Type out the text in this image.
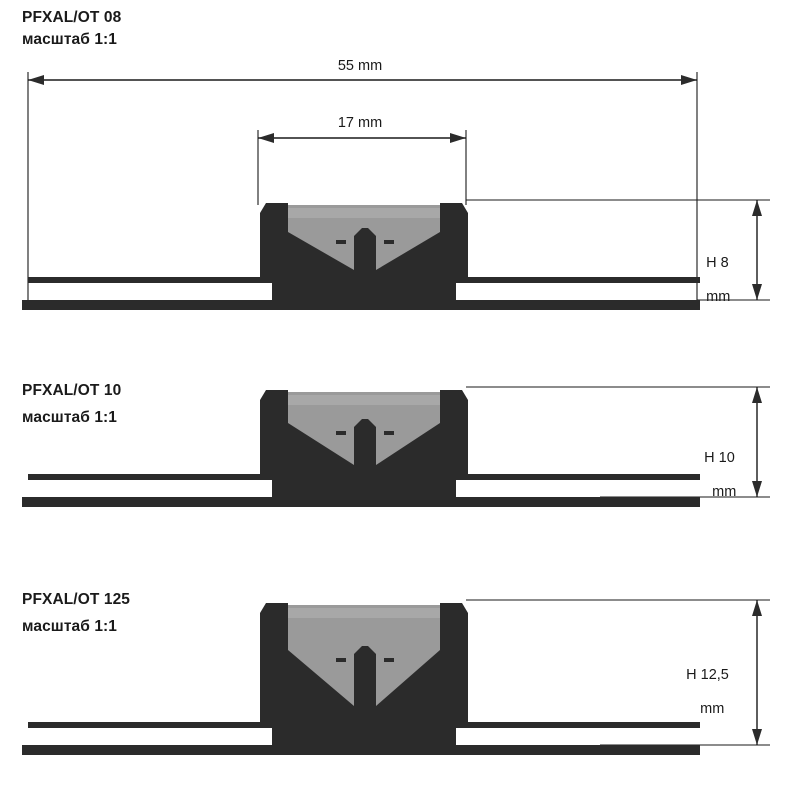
PFXAL/OT 08
масштаб 1:1
55 mm
17 mm

H 8

mm

PFXAL/OT 10
масштаб 1:1

H 10

mm

PFXAL/OT 125
масштаб 1:1

H 12,5

mm
